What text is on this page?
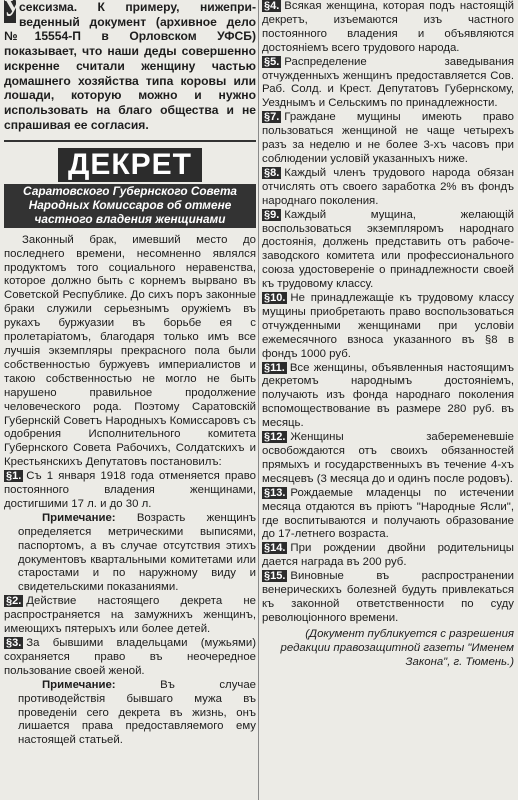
У
сексизма. К примеру, нижепри-веденный документ (архивное дело №15554-П в Орловском УФСБ) показывает, что наши деды совершенно искренне считали женщину частью домашнего хозяйства типа коровы или лошади, которую можно и нужно использовать на благо общества и не спрашивая ее согласия.

ДЕКРЕТ

Саратовского Губернского Совета Народных Комиссаров об отмене частного владения женщинами

Законный брак, имевший место до последнего времени, несомненно являлся продуктомъ того социального неравенства, которое должно быть с корнемъ вырвано въ Советской Республике. До сихъ поръ законные браки служили серьезнымъ оружiемъ въ рукахъ буржуазии въ борьбе ея с пролетарiатомъ, благодаря только имъ все лучшiя экземпляры прекрасного пола были собственностью буржуевъ империалистов и такою собственностью не могло не быть нарушено правильное продолжение человеческого рода. Поэтому Саратовскiй Губернскiй Советъ Народныхъ Комиссаровъ съ одобрения Исполнительного комитета Губернского Совета Рабочихъ, Солдатскихъ и Крестьянскихъ Депутатовъ постановилъ:

§1. Съ 1 января 1918 года отменяется право постоянного владения женщинами, достигшими 17 л. и до 30 л.

Примечание: Возрасть женщинъ определяется метрическими выписями, паспортомъ, а въ случае отсутствия этихъ документовъ квартальными комитетами или старостами и по наружному виду и свидетельскими показаниями.

§2. Действие настоящего декрета не распространяется на замужнихъ женщинъ, имеющихъ пятерыхъ или более детей.

§3. За бывшими владельцами (мужьями) сохраняется право въ неочередное пользование своей женой.

Примечание:	Въ случае противодействiя бывшаго мужа въ проведенiи сего декрета въ жизнь, онъ лишается права предоставляемого ему настоящей статьей.

§4. Всякая женщина, которая подъ настоящiй декретъ, изъемаются изъ частного постоянного владения и объявляются достоянiемъ всего трудового народа.

§5. Распределение заведывания отчужденныхъ женщинъ предоставляется Сов. Раб. Солд. и Крест. Депутатовъ Губернскому, Уезднымъ и Сельскимъ по принадлежности.

§7. Граждане мущины имеють право пользоваться женщиной не чаще четырехъ разъ за неделю и не более 3-хъ часовъ при соблюдении условiй указанныхъ ниже.

§8. Каждый членъ трудового народа обязан отчислять отъ своего заработка 2% въ фондъ народнаго поколения.

§9. Каждый мущина, желающiй воспользоваться экземпляромъ народнаго достоянiя, должень представить отъ рабоче-заводского комитета или профессионального союза удостоверенiе о принадлежности своей къ трудовому классу.

§10. Не принадлежащiе къ трудовому классу мущины приобретають право воспользоваться отчужденными женщинами при условiи ежемесячного взноса указанного въ §8 в фондъ 1000 руб.

§11. Все женщины, объявленныя настоящимъ декретомъ народнымъ достоянiемъ, получають изъ фонда народнаго поколения вспомоществование въ размере 280 руб. въ месяць.

§12. Женщины забеременевшiе освобождаются отъ своихъ обязанностей прямыхъ и государственныхъ въ течение 4-хъ месяцевъ (3 месяца до и одинъ после родовъ).

§13. Рождаемые младенцы по истечении месяца отдаются въ прiютъ "Народные Ясли", где воспитываются и получають образование до 17-летнего возраста.

§14. При рождении двойни родительницы дается награда въ 200 руб.

§15. Виновные въ распространении венерическихъ болезней будуть привлекаться къ законной ответственности по суду революцiонного времени.

(Документ публикуется с разрешения редакции правозащитной газеты "Именем Закона", г. Тюмень.)
